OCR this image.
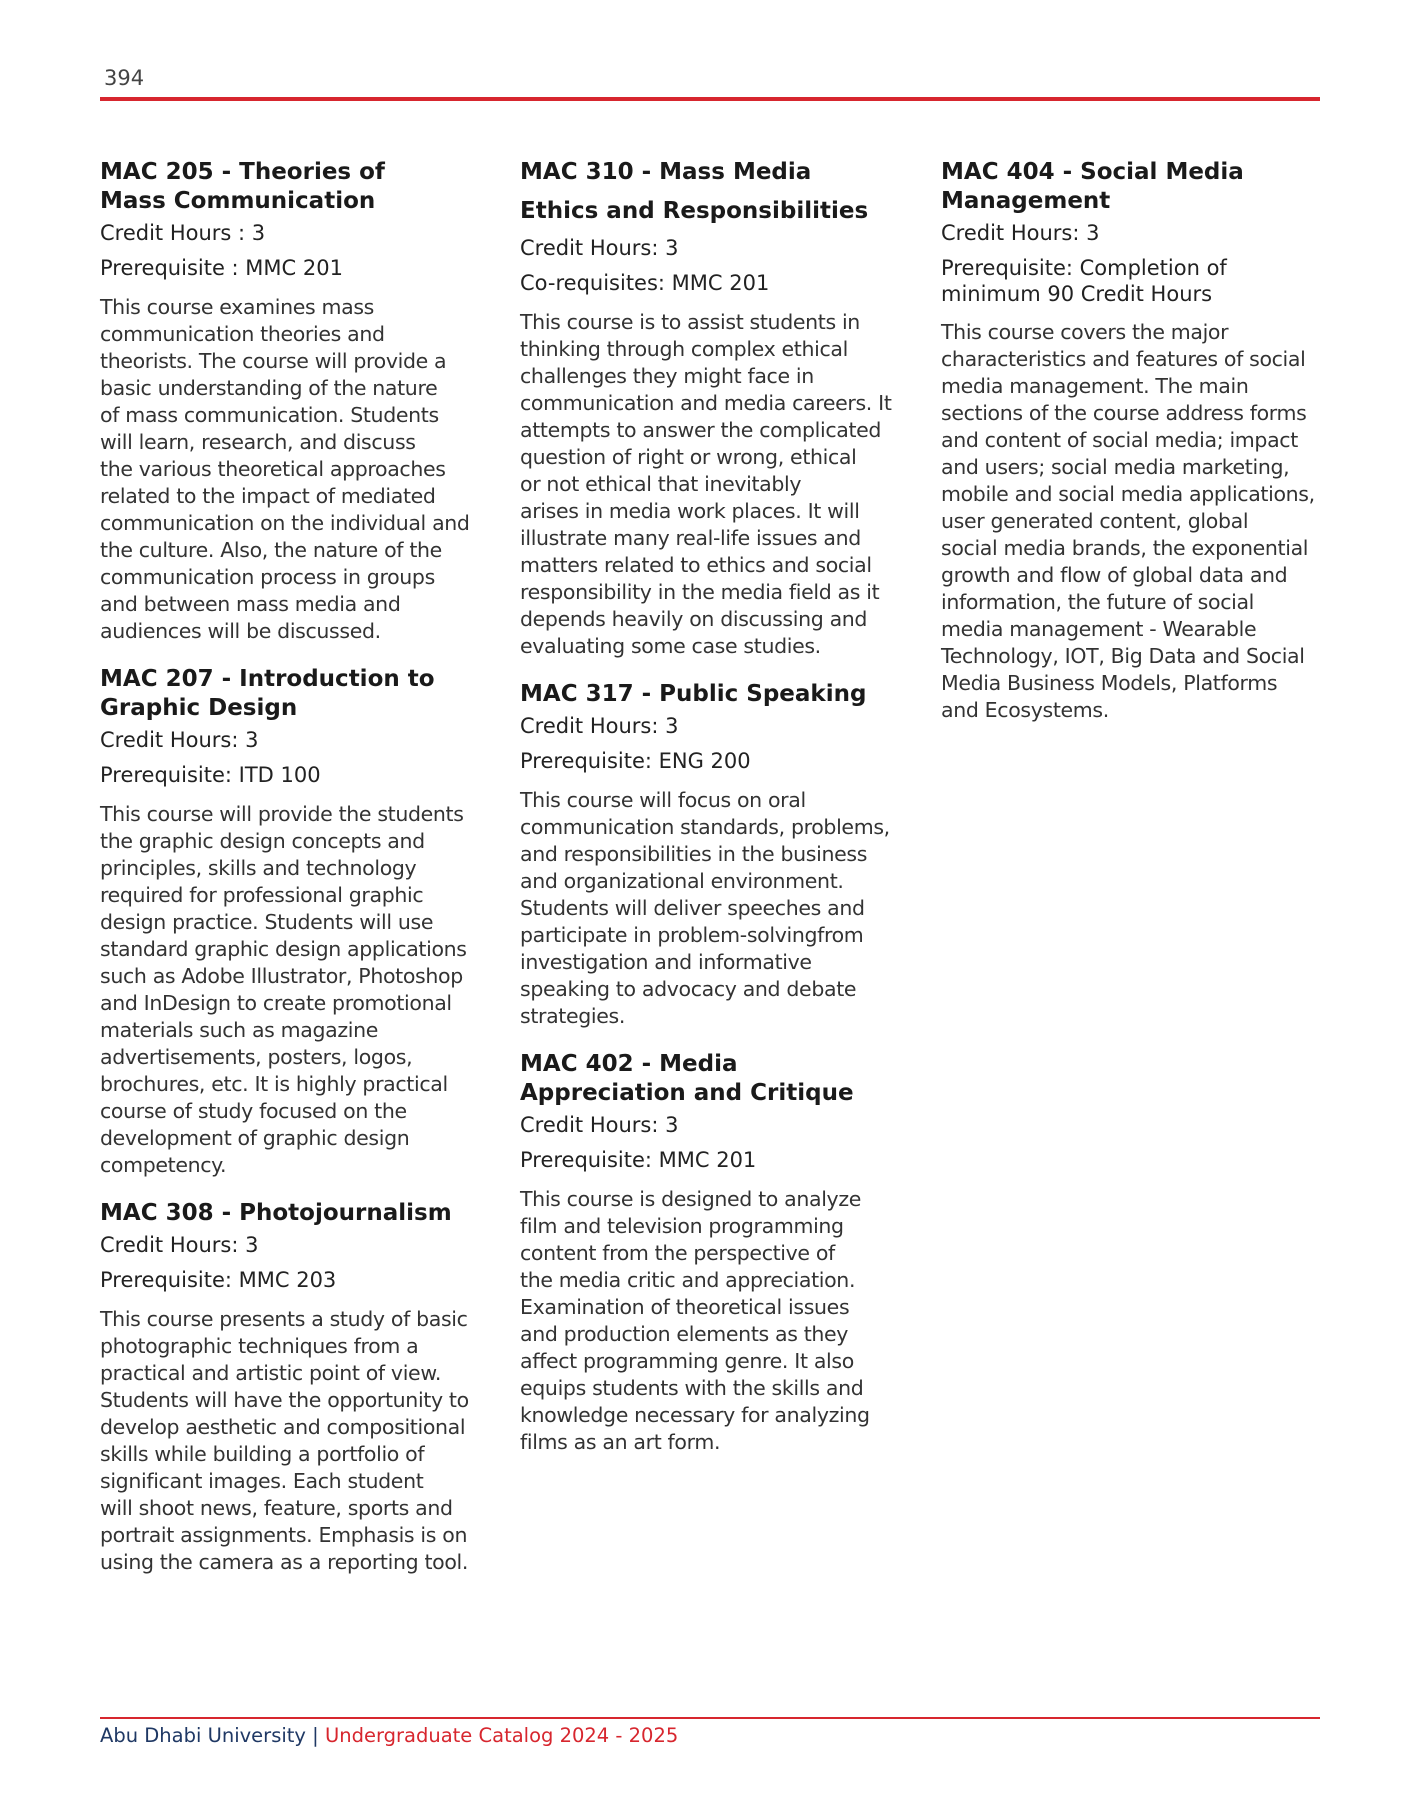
394
MAC 205 - Theories of Mass Communication
Credit Hours : 3
Prerequisite : MMC 201
This course examines mass
communication theories and
theorists. The course will provide a
basic understanding of the nature
of mass communication. Students
will learn, research, and discuss
the various theoretical approaches
related to the impact of mediated
communication on the individual and
the culture. Also, the nature of the
communication process in groups
and between mass media and
audiences will be discussed.
MAC 207 - Introduction to Graphic Design
Credit Hours: 3
Prerequisite: ITD 100
This course will provide the students
the graphic design concepts and
principles, skills and technology
required for professional graphic
design practice. Students will use
standard graphic design applications
such as Adobe Illustrator, Photoshop
and InDesign to create promotional
materials such as magazine
advertisements, posters, logos,
brochures, etc. It is highly practical
course of study focused on the
development of graphic design
competency.
MAC 308 - Photojournalism
Credit Hours: 3
Prerequisite: MMC 203
This course presents a study of basic
photographic techniques from a
practical and artistic point of view.
Students will have the opportunity to
develop aesthetic and compositional
skills while building a portfolio of
significant images. Each student
will shoot news, feature, sports and
portrait assignments. Emphasis is on
using the camera as a reporting tool.
MAC 310 - Mass Media Ethics and Responsibilities
Credit Hours: 3
Co-requisites: MMC 201
This course is to assist students in
thinking through complex ethical
challenges they might face in
communication and media careers. It
attempts to answer the complicated
question of right or wrong, ethical
or not ethical that inevitably
arises in media work places. It will
illustrate many real-life issues and
matters related to ethics and social
responsibility in the media field as it
depends heavily on discussing and
evaluating some case studies.
MAC 317 - Public Speaking
Credit Hours: 3
Prerequisite: ENG 200
This course will focus on oral
communication standards, problems,
and responsibilities in the business
and organizational environment.
Students will deliver speeches and
participate in problem-solvingfrom
investigation and informative
speaking to advocacy and debate
strategies.
MAC 402 - Media Appreciation and Critique
Credit Hours: 3
Prerequisite: MMC 201
This course is designed to analyze
film and television programming
content from the perspective of
the media critic and appreciation.
Examination of theoretical issues
and production elements as they
affect programming genre. It also
equips students with the skills and
knowledge necessary for analyzing
films as an art form.
MAC 404 - Social Media Management
Credit Hours: 3
Prerequisite: Completion of minimum 90 Credit Hours
This course covers the major
characteristics and features of social
media management. The main
sections of the course address forms
and content of social media; impact
and users; social media marketing,
mobile and social media applications,
user generated content, global
social media brands, the exponential
growth and flow of global data and
information, the future of social
media management - Wearable
Technology, IOT, Big Data and Social
Media Business Models, Platforms
and Ecosystems.
Abu Dhabi University | Undergraduate Catalog 2024 - 2025
